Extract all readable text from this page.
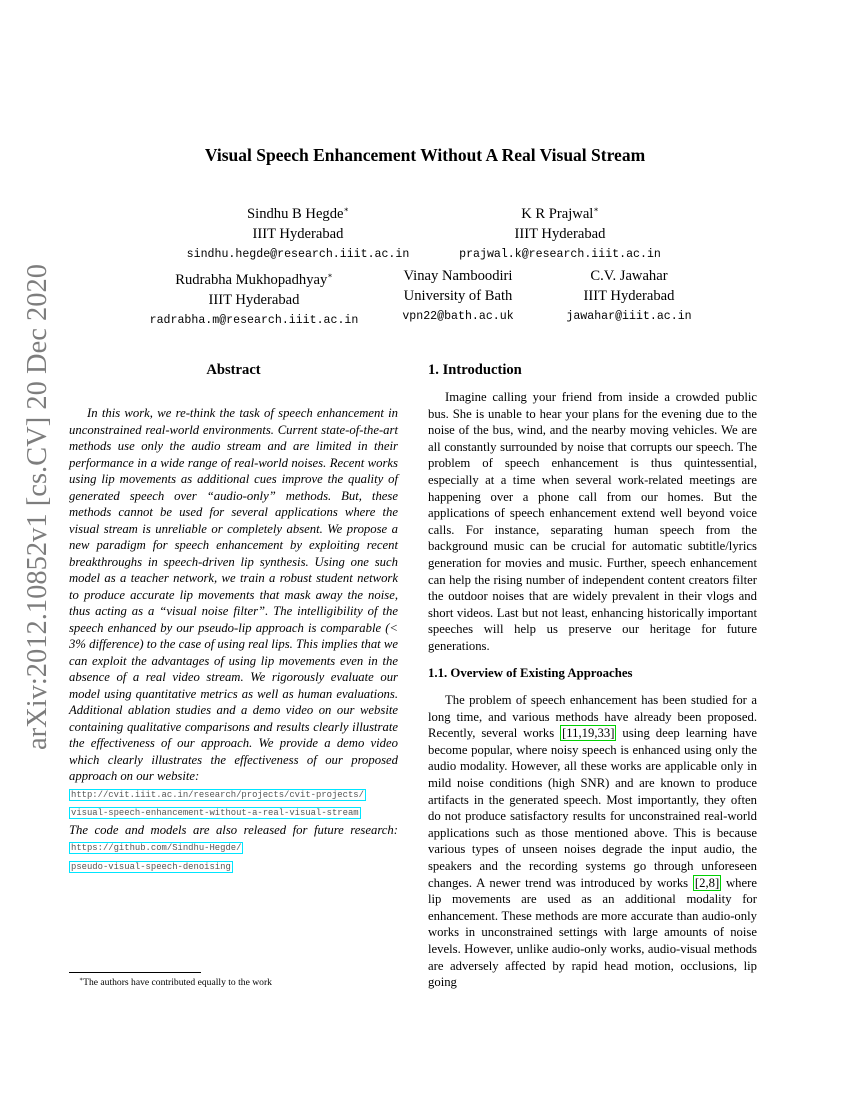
arXiv:2012.10852v1 [cs.CV] 20 Dec 2020
Visual Speech Enhancement Without A Real Visual Stream
Sindhu B Hegde∗
IIIT Hyderabad
sindhu.hegde@research.iiit.ac.in
K R Prajwal∗
IIIT Hyderabad
prajwal.k@research.iiit.ac.in
Rudrabha Mukhopadhyay∗
IIIT Hyderabad
radrabha.m@research.iiit.ac.in
Vinay Namboodiri
University of Bath
vpn22@bath.ac.uk
C.V. Jawahar
IIIT Hyderabad
jawahar@iiit.ac.in
Abstract

In this work, we re-think the task of speech enhancement in unconstrained real-world environments. Current state-of-the-art methods use only the audio stream and are limited in their performance in a wide range of real-world noises. Recent works using lip movements as additional cues improve the quality of generated speech over “audio-only” methods. But, these methods cannot be used for several applications where the visual stream is unreliable or completely absent. We propose a new paradigm for speech enhancement by exploiting recent breakthroughs in speech-driven lip synthesis. Using one such model as a teacher network, we train a robust student network to produce accurate lip movements that mask away the noise, thus acting as a “visual noise filter”. The intelligibility of the speech enhanced by our pseudo-lip approach is comparable (< 3% difference) to the case of using real lips. This implies that we can exploit the advantages of using lip movements even in the absence of a real video stream. We rigorously evaluate our model using quantitative metrics as well as human evaluations. Additional ablation studies and a demo video on our website containing qualitative comparisons and results clearly illustrate the effectiveness of our approach. We provide a demo video which clearly illustrates the effectiveness of our proposed approach on our website:
http://cvit.iiit.ac.in/research/projects/cvit-projects/
visual-speech-enhancement-without-a-real-visual-stream
The code and models are also released for future research: https://github.com/Sindhu-Hegde/
pseudo-visual-speech-denoising

∗The authors have contributed equally to the work
1. Introduction

Imagine calling your friend from inside a crowded public bus. She is unable to hear your plans for the evening due to the noise of the bus, wind, and the nearby moving vehicles. We are all constantly surrounded by noise that corrupts our speech. The problem of speech enhancement is thus quintessential, especially at a time when several work-related meetings are happening over a phone call from our homes. But the applications of speech enhancement extend well beyond voice calls. For instance, separating human speech from the background music can be crucial for automatic subtitle/lyrics generation for movies and music. Further, speech enhancement can help the rising number of independent content creators filter the outdoor noises that are widely prevalent in their vlogs and short videos. Last but not least, enhancing historically important speeches will help us preserve our heritage for future generations.

1.1. Overview of Existing Approaches

The problem of speech enhancement has been studied for a long time, and various methods have already been proposed. Recently, several works [11,19,33] using deep learning have become popular, where noisy speech is enhanced using only the audio modality. However, all these works are applicable only in mild noise conditions (high SNR) and are known to produce artifacts in the generated speech. Most importantly, they often do not produce satisfactory results for unconstrained real-world applications such as those mentioned above. This is because various types of unseen noises degrade the input audio, the speakers and the recording systems go through unforeseen changes. A newer trend was introduced by works [2,8] where lip movements are used as an additional modality for enhancement. These methods are more accurate than audio-only works in unconstrained settings with large amounts of noise levels. However, unlike audio-only works, audio-visual methods are adversely affected by rapid head motion, occlusions, lip going
